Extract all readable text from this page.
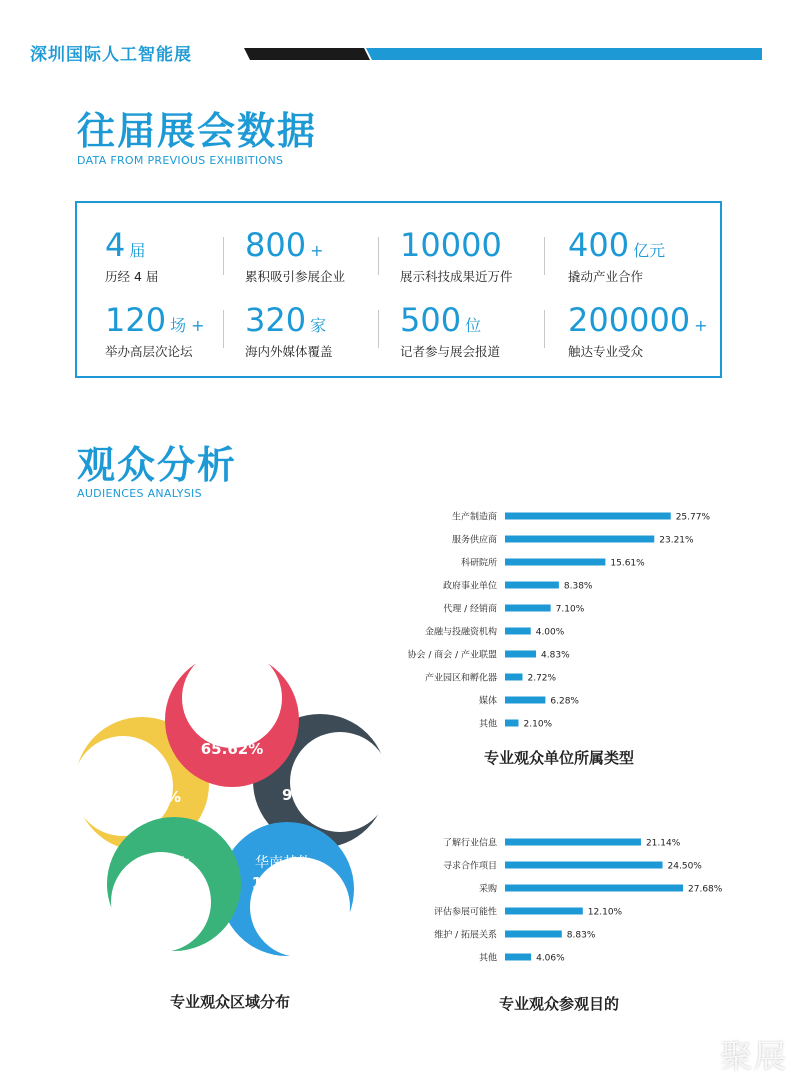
深圳国际人工智能展
往届展会数据
DATA FROM PREVIOUS EXHIBITIONS
4 届
历经 4 届
800 +
累积吸引参展企业
10000
展示科技成果近万件
400 亿元
撬动产业合作
120 场 +
举办高层次论坛
320 家
海内外媒体覆盖
500 位
记者参与展会报道
200000 +
触达专业受众
观众分析
AUDIENCES ANALYSIS
生产制造商	25.77%
服务供应商	23.21%
科研院所	15.61%
政府事业单位	8.38%
代理 / 经销商	7.10%
金融与投融资机构	4.00%
协会 / 商会 / 产业联盟	4.83%
产业园区和孵化器	2.72%
媒体	6.28%
其他	2.10%
专业观众单位所属类型
了解行业信息	21.14%
寻求合作项目	24.50%
采购	27.68%
评估参展可能性	12.10%
维护 / 拓展关系	8.83%
其他	4.06%
专业观众参观目的
深圳
65.62%
华东
9.06%
华南其他
17.37%
华中
4.7%
其他
3.25%
专业观众区域分布
聚展
